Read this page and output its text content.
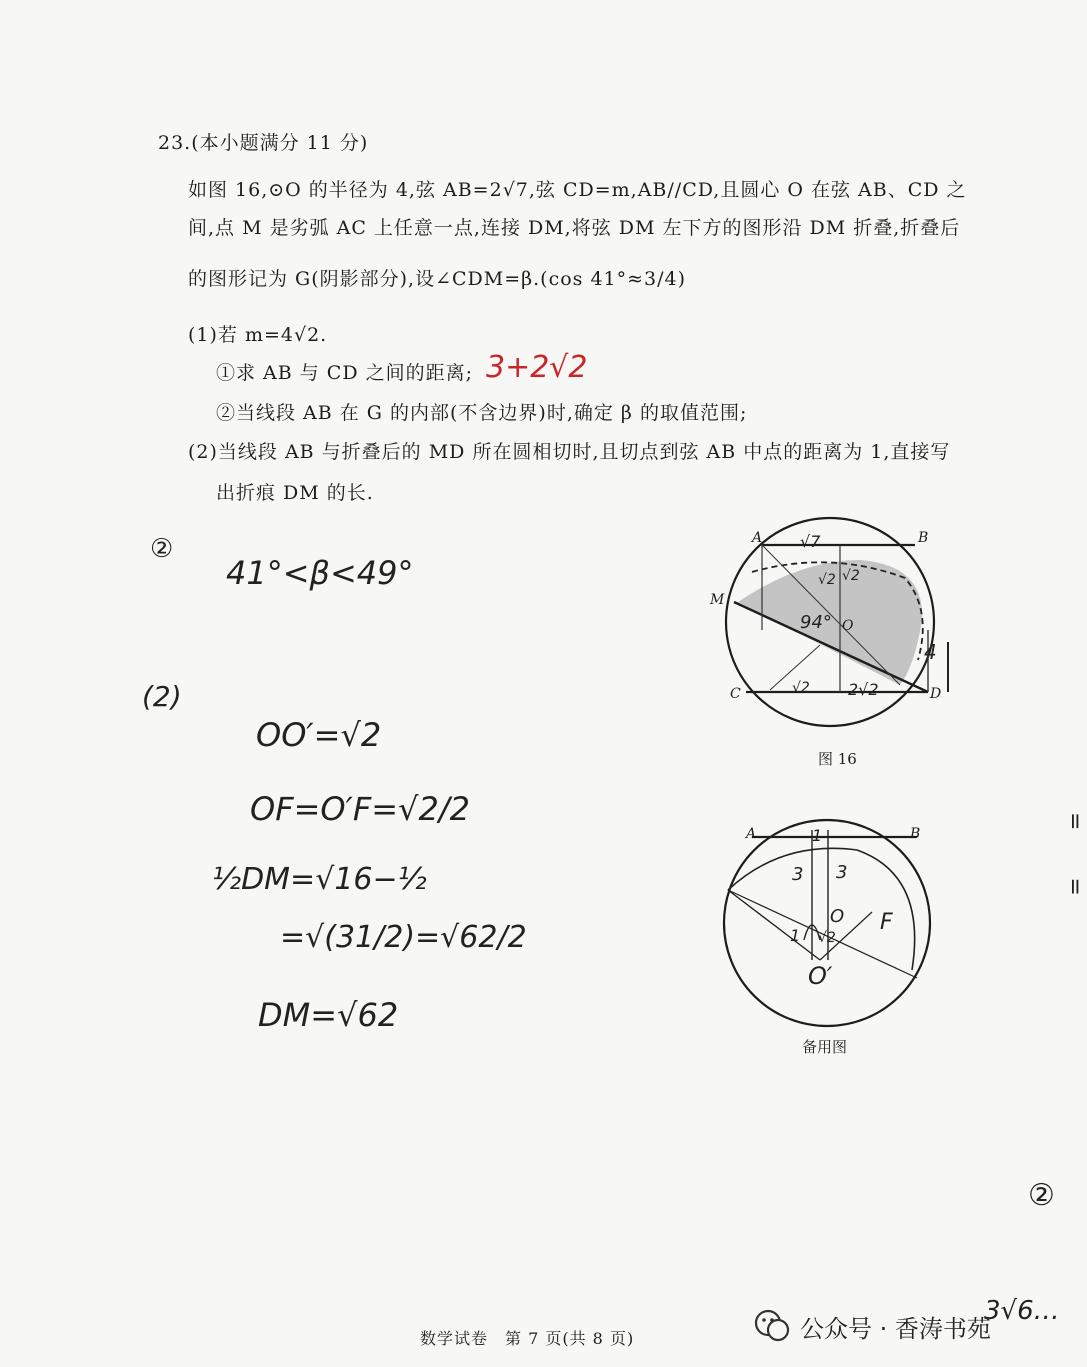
23.(本小题满分 11 分)
如图 16,⊙O 的半径为 4,弦 AB=2√7,弦 CD=m,AB//CD,且圆心 O 在弦 AB、CD 之
间,点 M 是劣弧 AC 上任意一点,连接 DM,将弦 DM 左下方的图形沿 DM 折叠,折叠后
的图形记为 G(阴影部分),设∠CDM=β.(cos 41°≈3/4)
(1)若 m=4√2.
①求 AB 与 CD 之间的距离;
②当线段 AB 在 G 的内部(不含边界)时,确定 β 的取值范围;
(2)当线段 AB 与折叠后的 MD 所在圆相切时,且切点到弦 AB 中点的距离为 1,直接写
出折痕 DM 的长.
3+2√2
②
41°<β<49°
(2)
OO′=√2
OF=O′F=√2/2
½DM=√16−½
=√(31/2)=√62/2
DM=√62
②
3√6…
= =
A	B
C	D
M
O
√7
2√2
√2
94°
4
√2 √2
图 16
A	B
O
O′
F
3 3
1
1 √2
备用图
数学试卷　第 7 页(共 8 页)	公众号 · 香涛书苑
